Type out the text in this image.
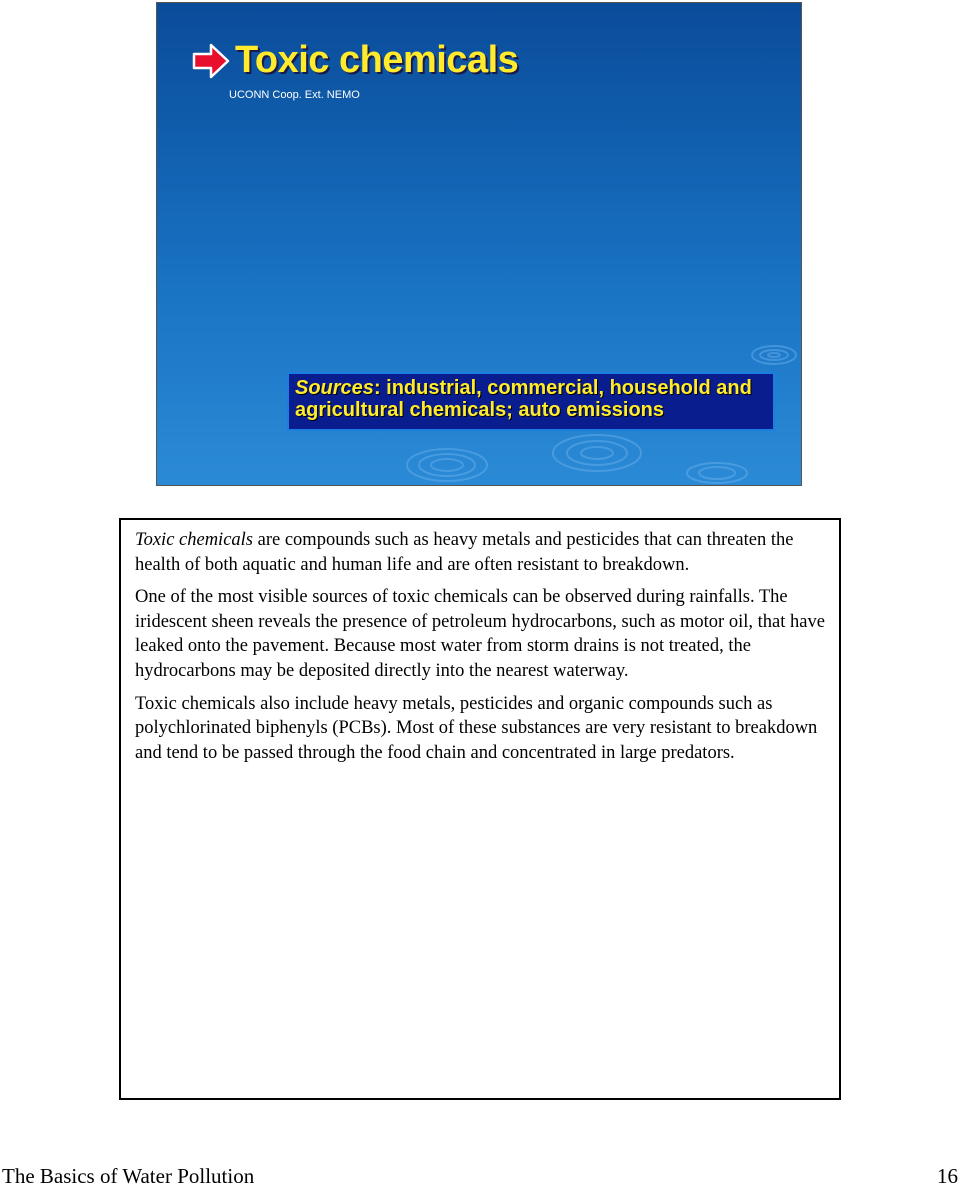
Toxic chemicals
UCONN Coop. Ext. NEMO
Sources: industrial, commercial, household and agricultural chemicals; auto emissions

Toxic chemicals are compounds such as heavy metals and pesticides that can threaten the health of both aquatic and human life and are often resistant to breakdown.

One of the most visible sources of toxic chemicals can be observed during rainfalls. The iridescent sheen reveals the presence of petroleum hydrocarbons, such as motor oil, that have leaked onto the pavement. Because most water from storm drains is not treated, the hydrocarbons may be deposited directly into the nearest waterway.

Toxic chemicals also include heavy metals, pesticides and organic compounds such as polychlorinated biphenyls (PCBs). Most of these substances are very resistant to breakdown and tend to be passed through the food chain and concentrated in large predators.

The Basics of Water Pollution	16
